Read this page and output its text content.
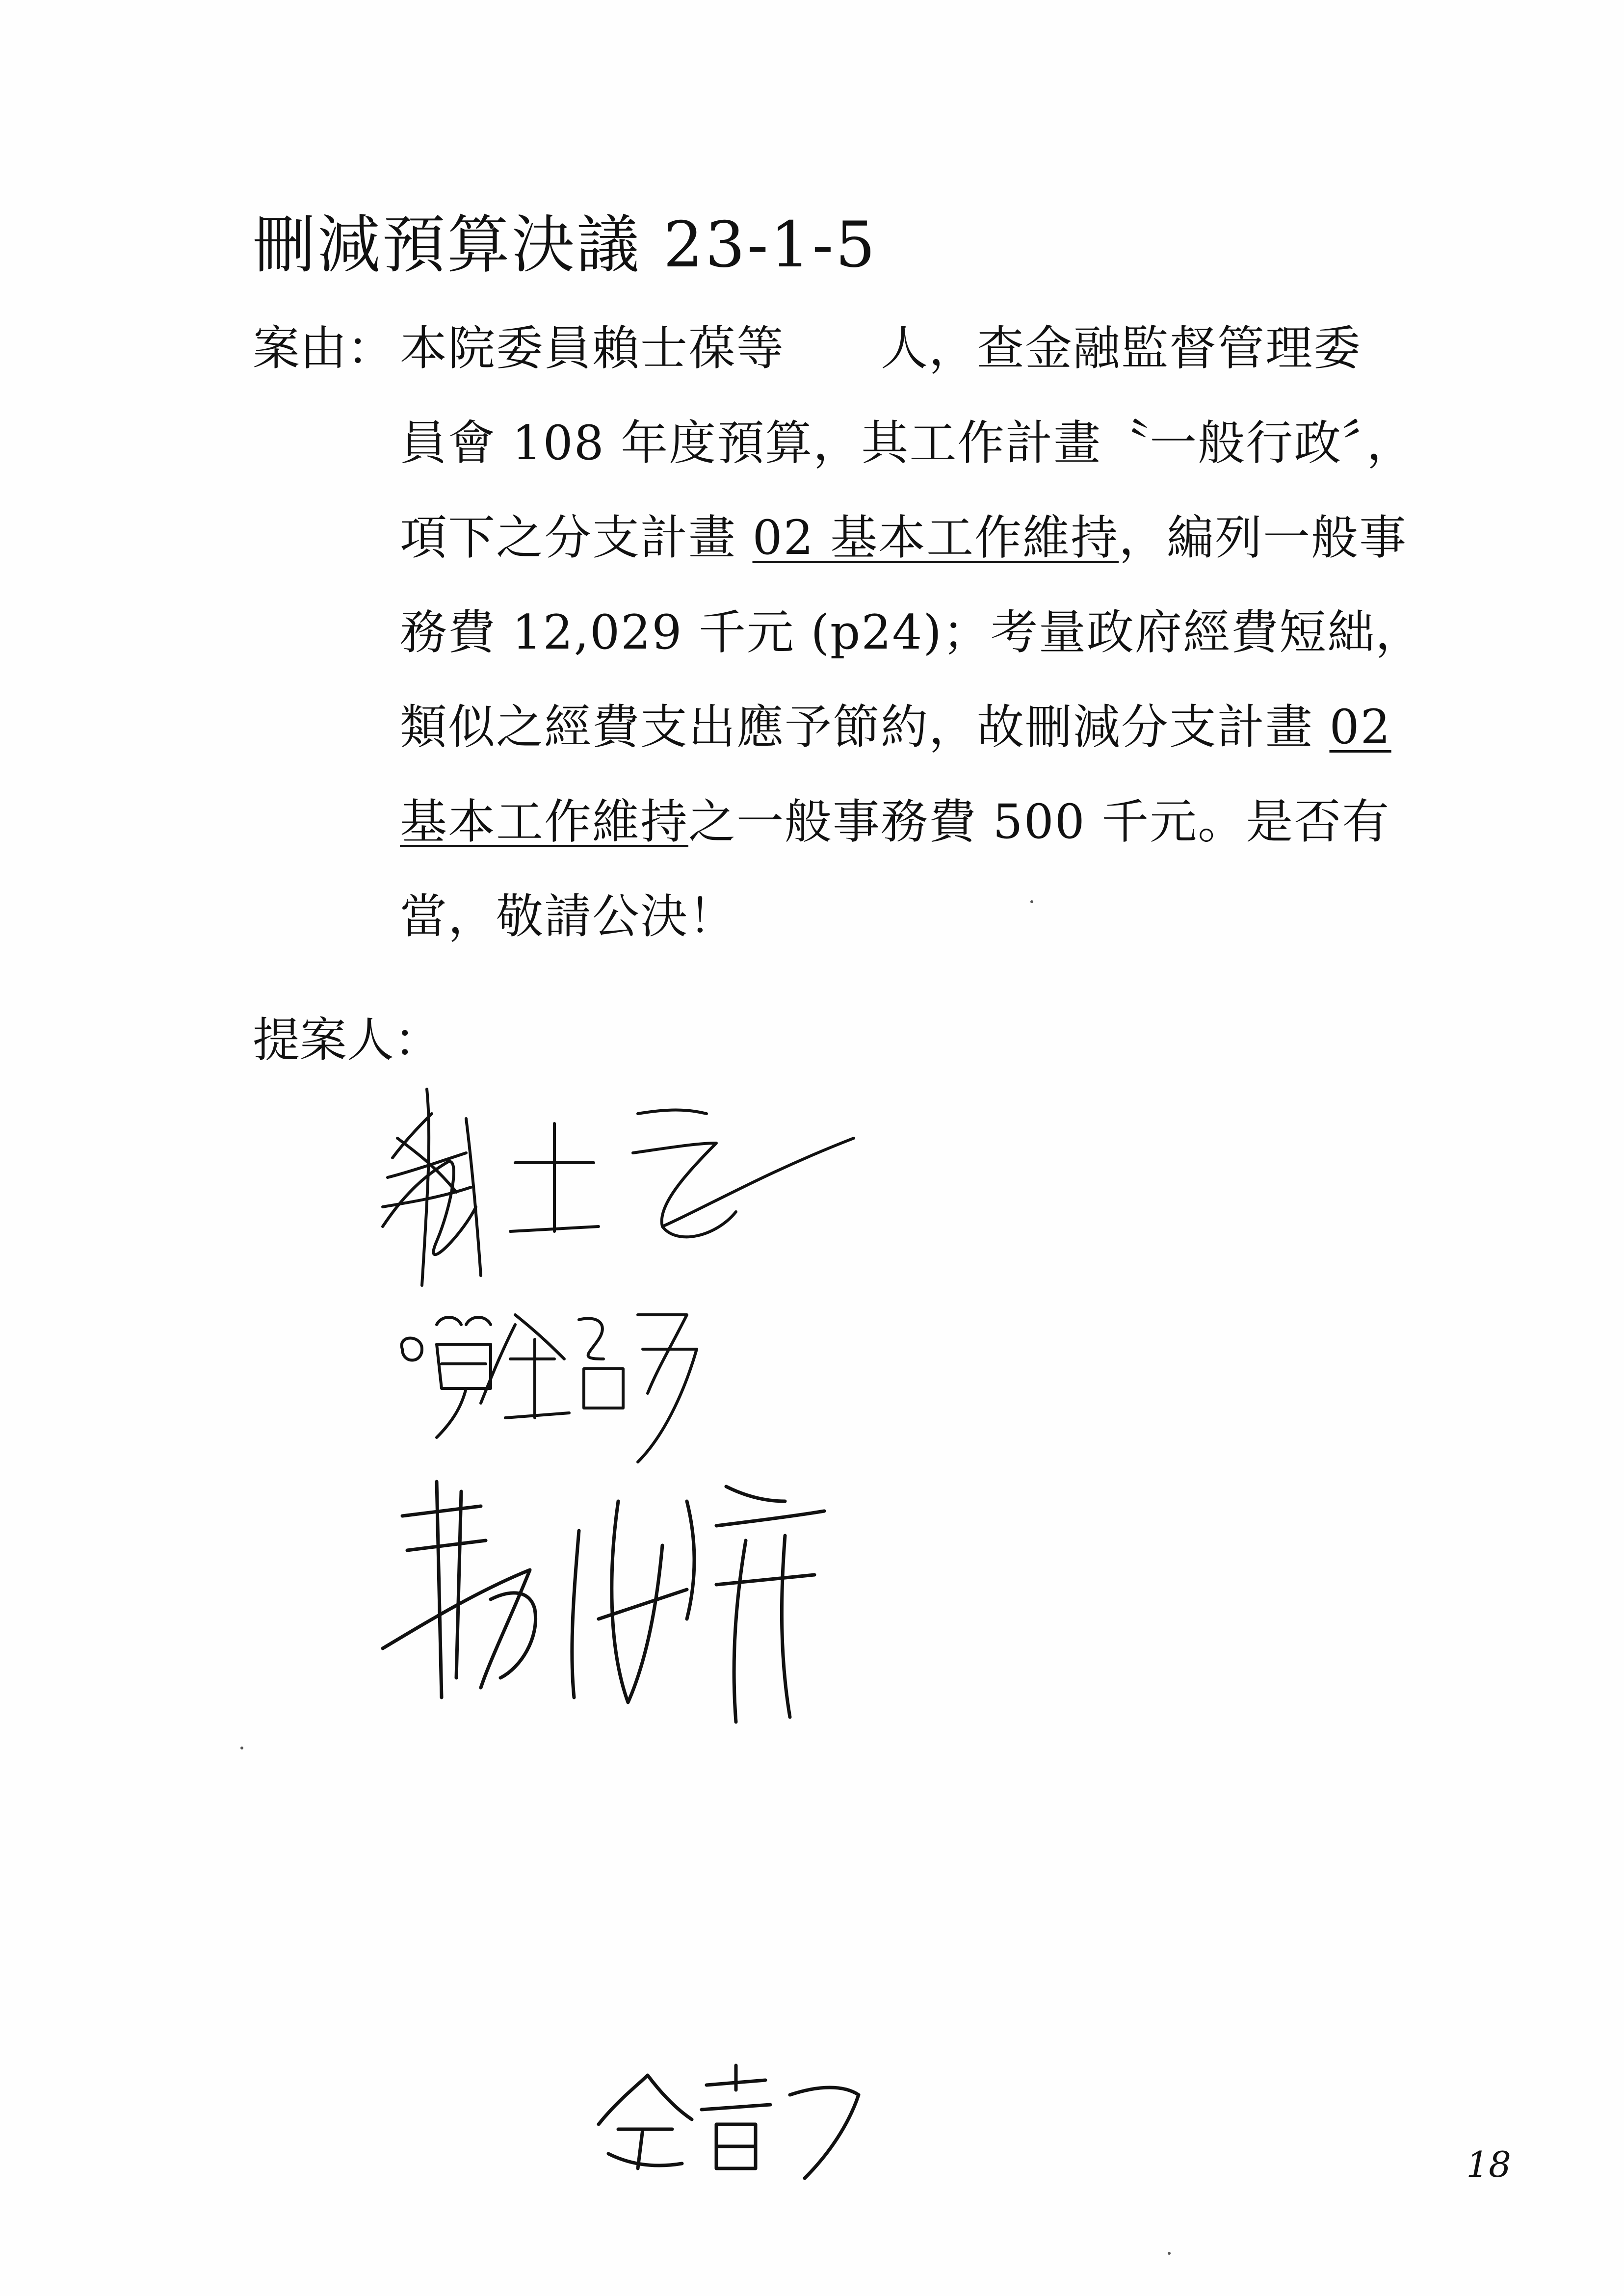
刪減預算決議 23-1-5
案由： 本院委員賴士葆等　　人，查金融監督管理委
員會 108 年度預算，其工作計畫〝一般行政〞，
項下之分支計畫 02 基本工作維持，編列一般事
務費 12,029 千元 (p24)；考量政府經費短絀，
類似之經費支出應予節約，故刪減分支計畫 02
基本工作維持之一般事務費 500 千元。是否有
當，敬請公決！
提案人：
18
